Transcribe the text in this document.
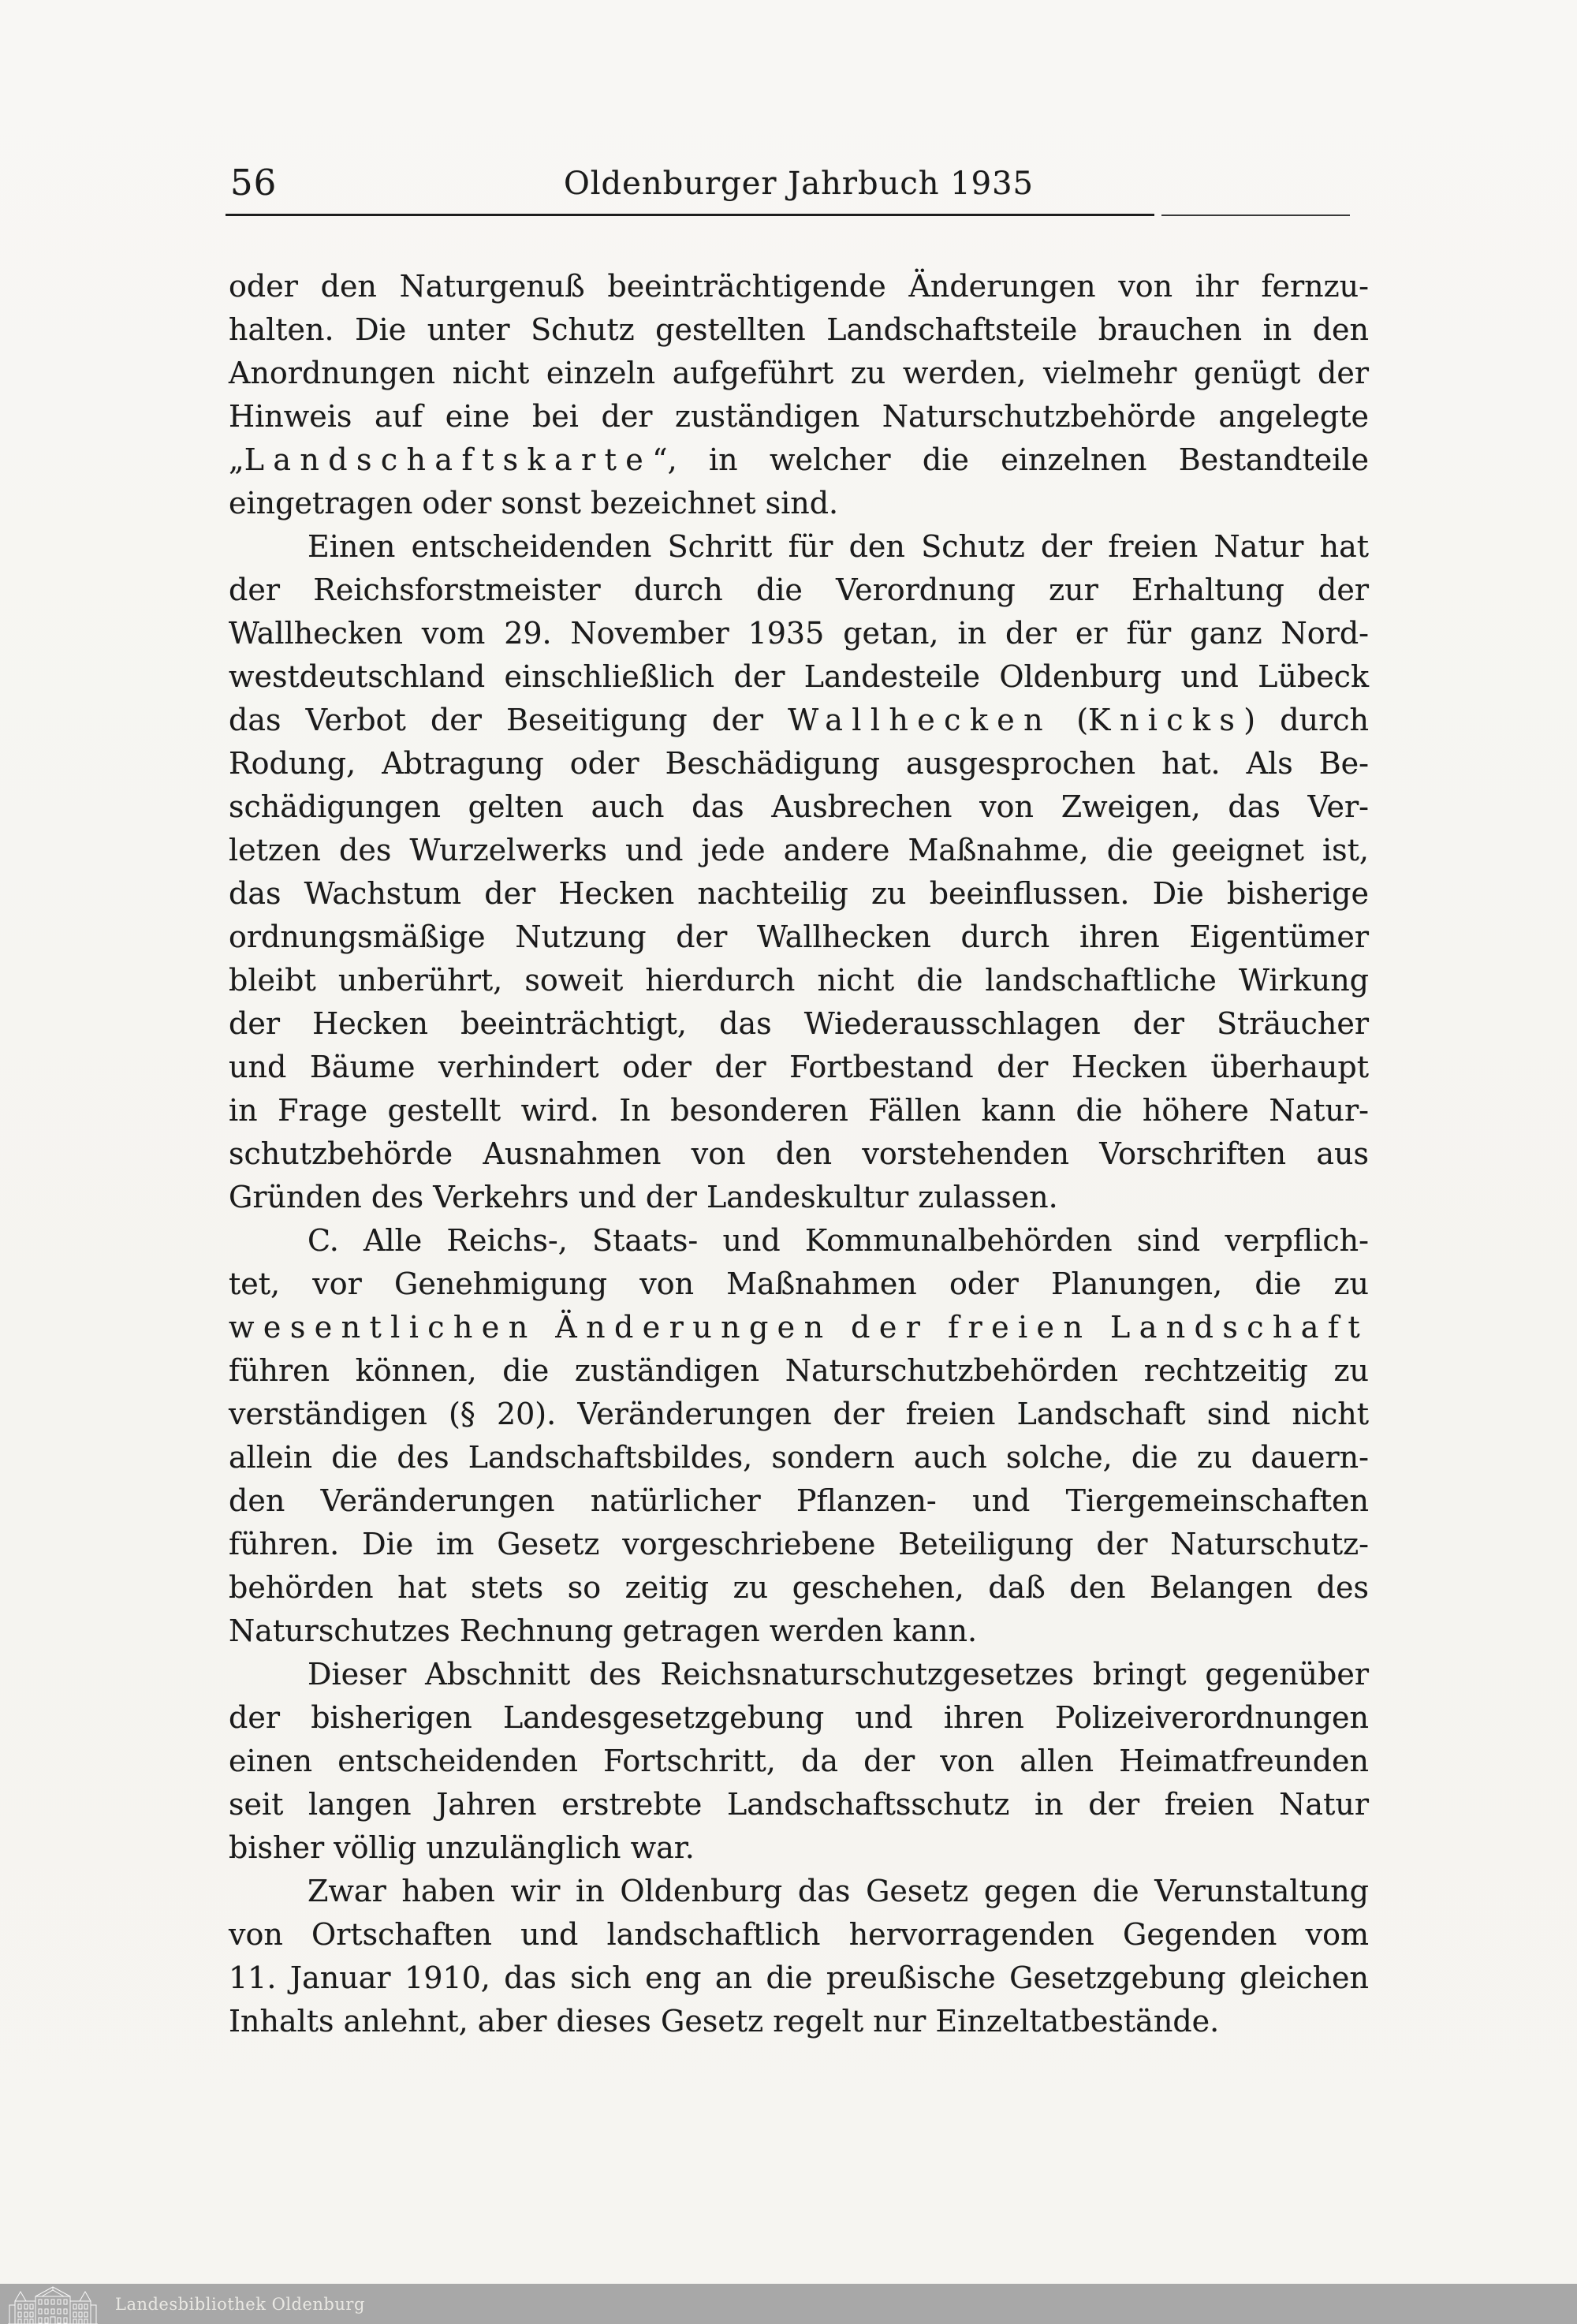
56	Oldenburger Jahrbuch 1935
oder den Naturgenuß beeinträchtigende Änderungen von ihr fernzu-
halten. Die unter Schutz gestellten Landschaftsteile brauchen in den
Anordnungen nicht einzeln aufgeführt zu werden, vielmehr genügt der
Hinweis auf eine bei der zuständigen Naturschutzbehörde angelegte
„Landschaftskarte“, in welcher die einzelnen Bestandteile
eingetragen oder sonst bezeichnet sind.
Einen entscheidenden Schritt für den Schutz der freien Natur hat
der Reichsforstmeister durch die Verordnung zur Erhaltung der
Wallhecken vom 29. November 1935 getan, in der er für ganz Nord-
westdeutschland einschließlich der Landesteile Oldenburg und Lübeck
das Verbot der Beseitigung der Wallhecken (Knicks) durch
Rodung, Abtragung oder Beschädigung ausgesprochen hat. Als Be-
schädigungen gelten auch das Ausbrechen von Zweigen, das Ver-
letzen des Wurzelwerks und jede andere Maßnahme, die geeignet ist,
das Wachstum der Hecken nachteilig zu beeinflussen. Die bisherige
ordnungsmäßige Nutzung der Wallhecken durch ihren Eigentümer
bleibt unberührt, soweit hierdurch nicht die landschaftliche Wirkung
der Hecken beeinträchtigt, das Wiederausschlagen der Sträucher
und Bäume verhindert oder der Fortbestand der Hecken überhaupt
in Frage gestellt wird. In besonderen Fällen kann die höhere Natur-
schutzbehörde Ausnahmen von den vorstehenden Vorschriften aus
Gründen des Verkehrs und der Landeskultur zulassen.
C. Alle Reichs-, Staats- und Kommunalbehörden sind verpflich-
tet, vor Genehmigung von Maßnahmen oder Planungen, die zu
wesentlichen Änderungen der freien Landschaft
führen können, die zuständigen Naturschutzbehörden rechtzeitig zu
verständigen (§ 20). Veränderungen der freien Landschaft sind nicht
allein die des Landschaftsbildes, sondern auch solche, die zu dauern-
den Veränderungen natürlicher Pflanzen- und Tiergemeinschaften
führen. Die im Gesetz vorgeschriebene Beteiligung der Naturschutz-
behörden hat stets so zeitig zu geschehen, daß den Belangen des
Naturschutzes Rechnung getragen werden kann.
Dieser Abschnitt des Reichsnaturschutzgesetzes bringt gegenüber
der bisherigen Landesgesetzgebung und ihren Polizeiverordnungen
einen entscheidenden Fortschritt, da der von allen Heimatfreunden
seit langen Jahren erstrebte Landschaftsschutz in der freien Natur
bisher völlig unzulänglich war.
Zwar haben wir in Oldenburg das Gesetz gegen die Verunstaltung
von Ortschaften und landschaftlich hervorragenden Gegenden vom
11. Januar 1910, das sich eng an die preußische Gesetzgebung gleichen
Inhalts anlehnt, aber dieses Gesetz regelt nur Einzeltatbestände.
Landesbibliothek Oldenburg
